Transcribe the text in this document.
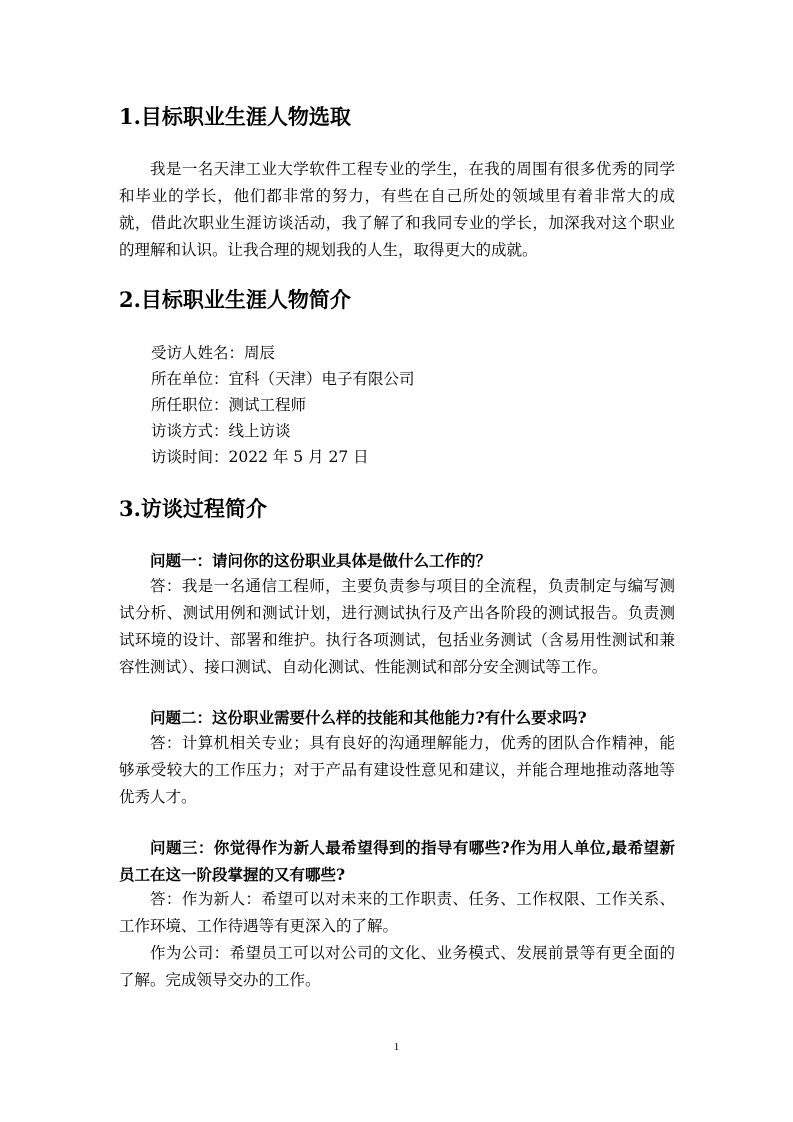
1.目标职业生涯人物选取

我是一名天津工业大学软件工程专业的学生，在我的周围有很多优秀的同学和毕业的学长，他们都非常的努力，有些在自己所处的领域里有着非常大的成就，借此次职业生涯访谈活动，我了解了和我同专业的学长，加深我对这个职业的理解和认识。让我合理的规划我的人生，取得更大的成就。

2.目标职业生涯人物简介
受访人姓名：周辰
所在单位：宜科（天津）电子有限公司
所任职位：测试工程师
访谈方式：线上访谈
访谈时间：2022 年 5 月 27 日
3.访谈过程简介

问题一：请问你的这份职业具体是做什么工作的？

答：我是一名通信工程师，主要负责参与项目的全流程，负责制定与编写测试分析、测试用例和测试计划，进行测试执行及产出各阶段的测试报告。负责测试环境的设计、部署和维护。执行各项测试，包括业务测试（含易用性测试和兼容性测试）、接口测试、自动化测试、性能测试和部分安全测试等工作。

问题二：这份职业需要什么样的技能和其他能力?有什么要求吗?

答：计算机相关专业；具有良好的沟通理解能力，优秀的团队合作精神，能够承受较大的工作压力；对于产品有建设性意见和建议，并能合理地推动落地等优秀人才。

问题三：你觉得作为新人最希望得到的指导有哪些?作为用人单位,最希望新员工在这一阶段掌握的又有哪些?

答：作为新人：希望可以对未来的工作职责、任务、工作权限、工作关系、工作环境、工作待遇等有更深入的了解。

作为公司：希望员工可以对公司的文化、业务模式、发展前景等有更全面的了解。完成领导交办的工作。

1
